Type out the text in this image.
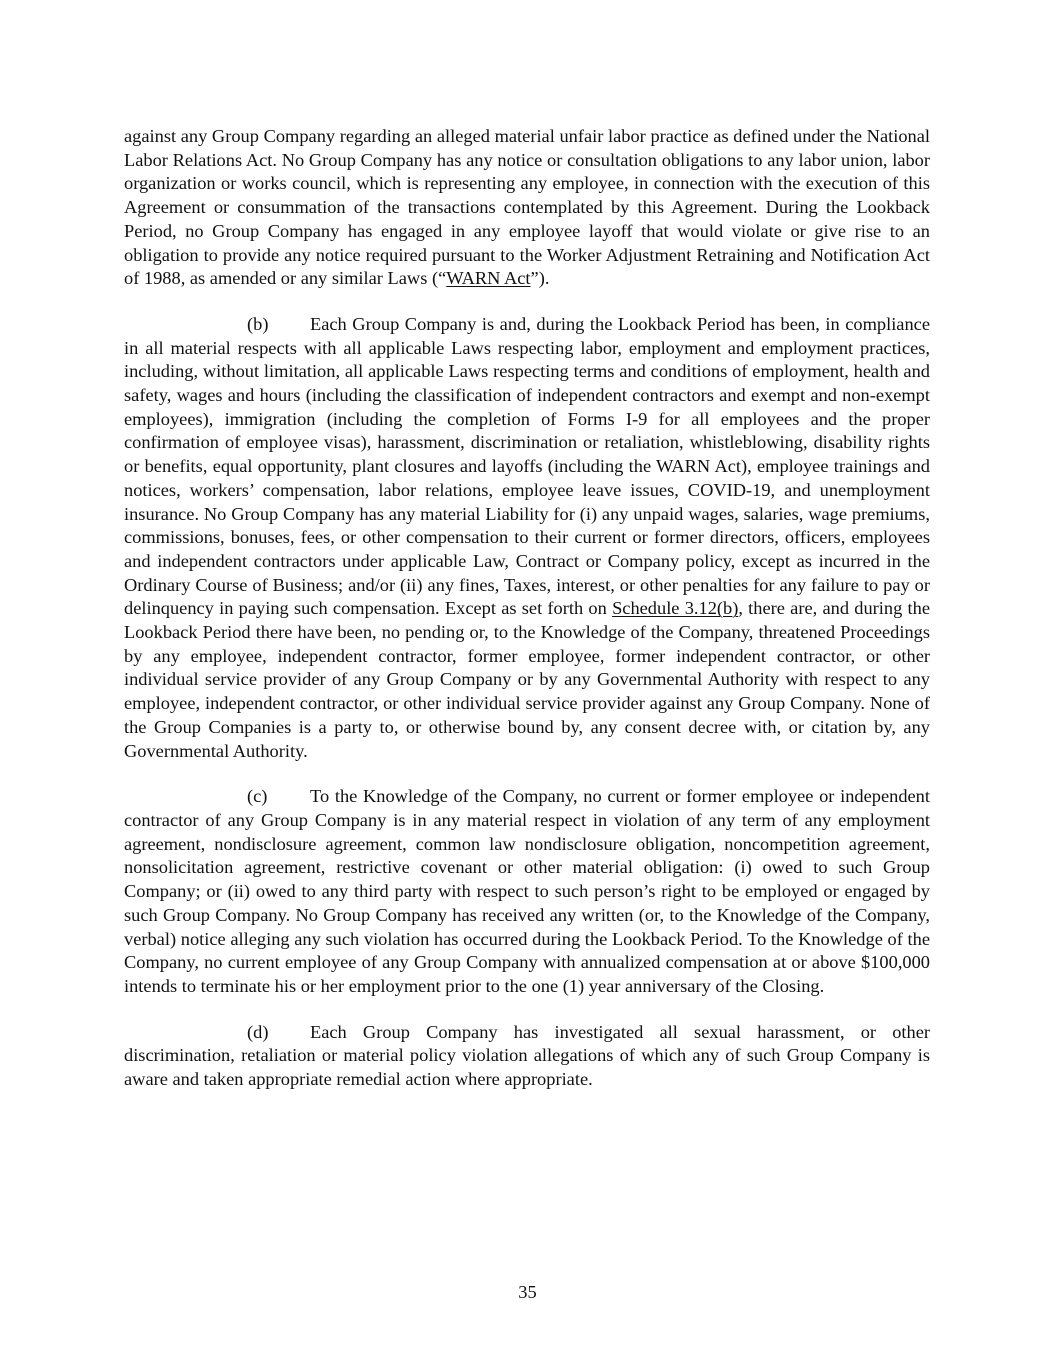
against any Group Company regarding an alleged material unfair labor practice as defined under the National Labor Relations Act. No Group Company has any notice or consultation obligations to any labor union, labor organization or works council, which is representing any employee, in connection with the execution of this Agreement or consummation of the transactions contemplated by this Agreement. During the Lookback Period, no Group Company has engaged in any employee layoff that would violate or give rise to an obligation to provide any notice required pursuant to the Worker Adjustment Retraining and Notification Act of 1988, as amended or any similar Laws (“WARN Act”).

(b) Each Group Company is and, during the Lookback Period has been, in compliance in all material respects with all applicable Laws respecting labor, employment and employment practices, including, without limitation, all applicable Laws respecting terms and conditions of employment, health and safety, wages and hours (including the classification of independent contractors and exempt and non-exempt employees), immigration (including the completion of Forms I-9 for all employees and the proper confirmation of employee visas), harassment, discrimination or retaliation, whistleblowing, disability rights or benefits, equal opportunity, plant closures and layoffs (including the WARN Act), employee trainings and notices, workers’ compensation, labor relations, employee leave issues, COVID-19, and unemployment insurance. No Group Company has any material Liability for (i) any unpaid wages, salaries, wage premiums, commissions, bonuses, fees, or other compensation to their current or former directors, officers, employees and independent contractors under applicable Law, Contract or Company policy, except as incurred in the Ordinary Course of Business; and/or (ii) any fines, Taxes, interest, or other penalties for any failure to pay or delinquency in paying such compensation. Except as set forth on Schedule 3.12(b), there are, and during the Lookback Period there have been, no pending or, to the Knowledge of the Company, threatened Proceedings by any employee, independent contractor, former employee, former independent contractor, or other individual service provider of any Group Company or by any Governmental Authority with respect to any employee, independent contractor, or other individual service provider against any Group Company. None of the Group Companies is a party to, or otherwise bound by, any consent decree with, or citation by, any Governmental Authority.

(c) To the Knowledge of the Company, no current or former employee or independent contractor of any Group Company is in any material respect in violation of any term of any employment agreement, nondisclosure agreement, common law nondisclosure obligation, noncompetition agreement, nonsolicitation agreement, restrictive covenant or other material obligation: (i) owed to such Group Company; or (ii) owed to any third party with respect to such person’s right to be employed or engaged by such Group Company. No Group Company has received any written (or, to the Knowledge of the Company, verbal) notice alleging any such violation has occurred during the Lookback Period. To the Knowledge of the Company, no current employee of any Group Company with annualized compensation at or above $100,000 intends to terminate his or her employment prior to the one (1) year anniversary of the Closing.

(d) Each Group Company has investigated all sexual harassment, or other discrimination, retaliation or material policy violation allegations of which any of such Group Company is aware and taken appropriate remedial action where appropriate.

35
